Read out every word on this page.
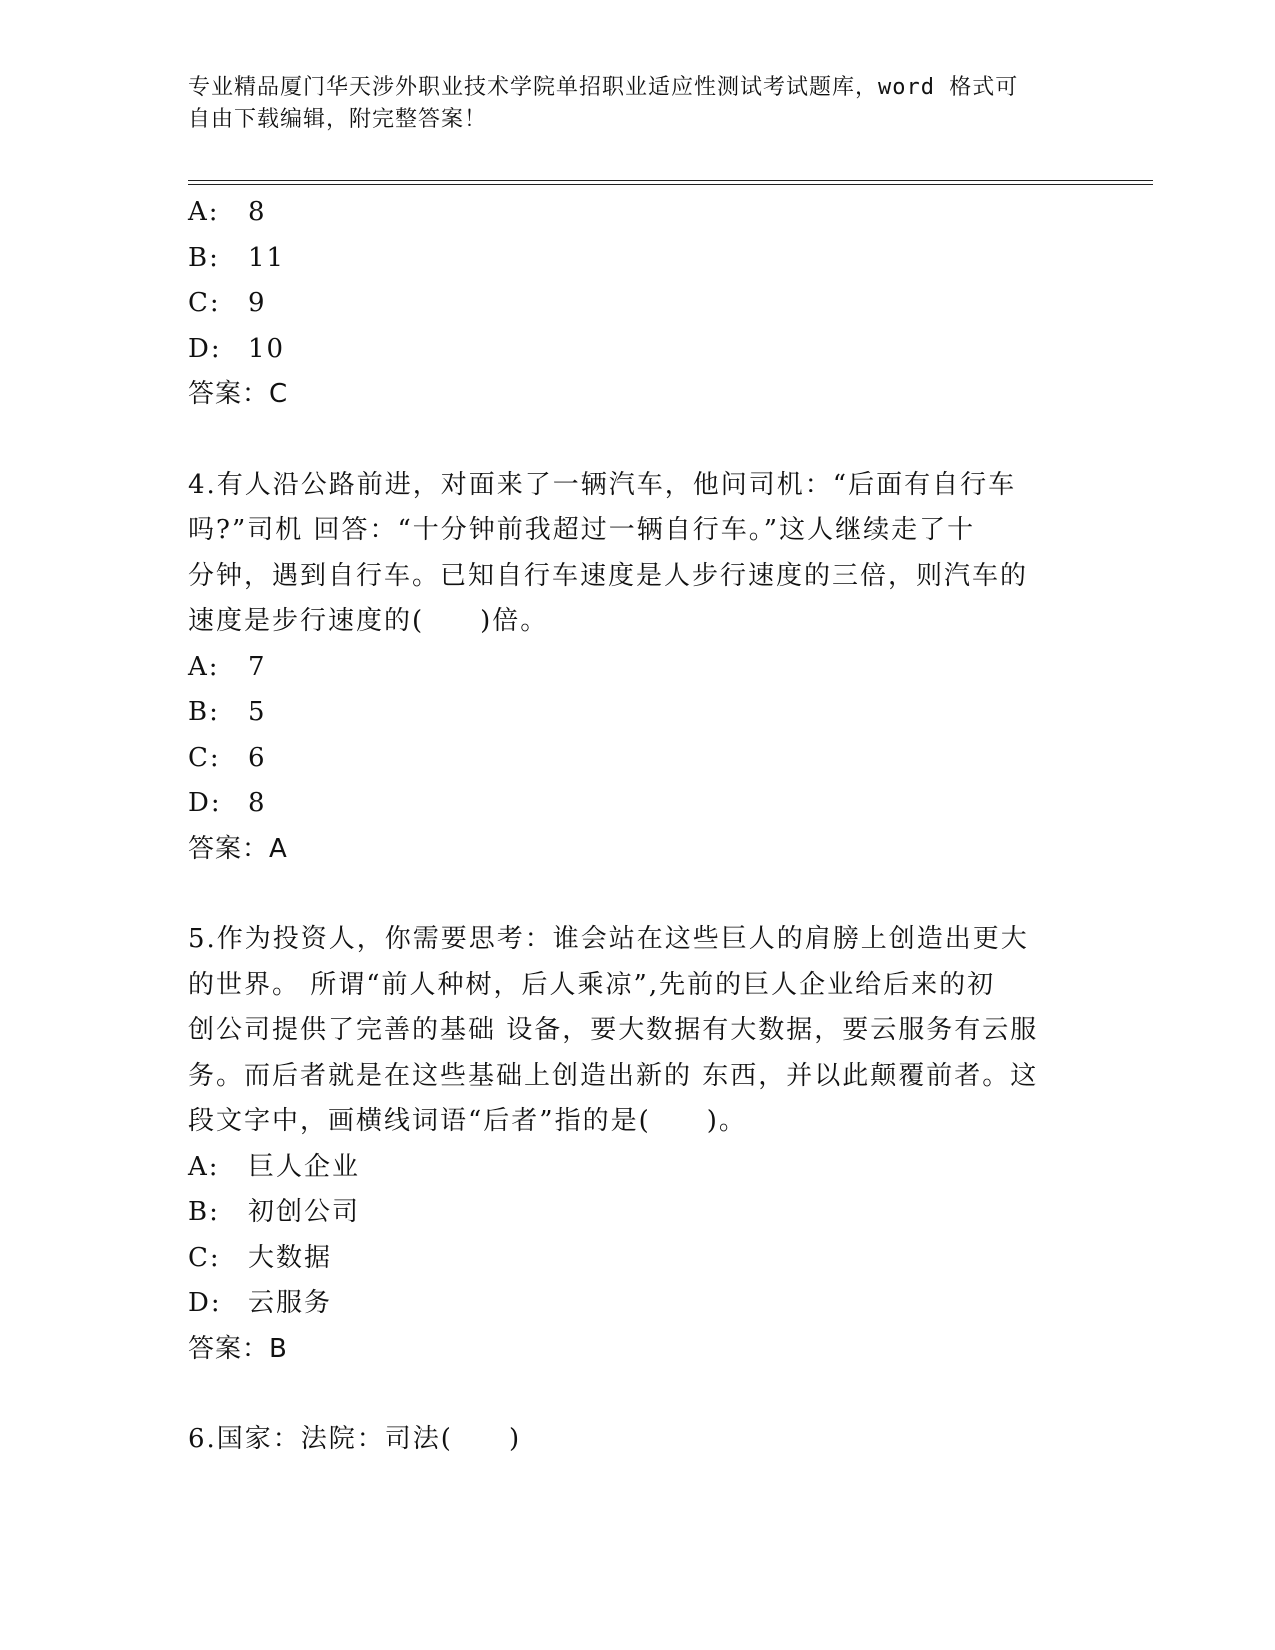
专业精品厦门华天涉外职业技术学院单招职业适应性测试考试题库，word 格式可
自由下载编辑，附完整答案！
A:	8
B:	11
C:	9
D:	10
答案：C
4.有人沿公路前进，对面来了一辆汽车，他问司机：“后面有自行车
吗?”司机 回答：“十分钟前我超过一辆自行车。”这人继续走了十
分钟，遇到自行车。已知自行车速度是人步行速度的三倍，则汽车的
速度是步行速度的(　　)倍。
A:	7
B:	5
C:	6
D:	8
答案：A
5.作为投资人，你需要思考：谁会站在这些巨人的肩膀上创造出更大
的世界。 所谓“前人种树，后人乘凉”,先前的巨人企业给后来的初
创公司提供了完善的基础 设备，要大数据有大数据，要云服务有云服
务。而后者就是在这些基础上创造出新的 东西，并以此颠覆前者。这
段文字中，画横线词语“后者”指的是(　　)。
A:	巨人企业
B:	初创公司
C:	大数据
D:	云服务
答案：B
6.国家：法院：司法(　　)
